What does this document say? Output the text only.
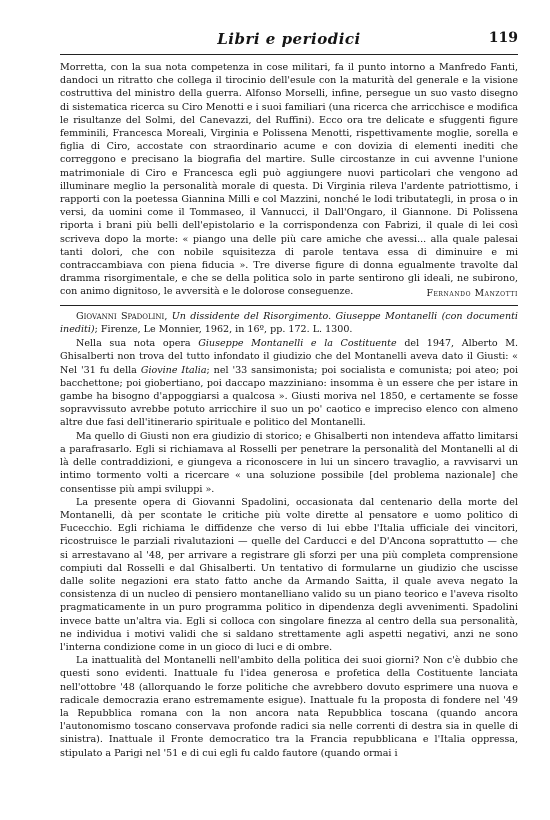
Libri e periodici	119

Morretta, con la sua nota competenza in cose militari, fa il punto intorno a Manfredo Fanti, dandoci un ritratto che collega il tirocinio dell'esule con la maturità del generale e la visione costruttiva del ministro della guerra. Alfonso Morselli, infine, persegue un suo vasto disegno di sistematica ricerca su Ciro Menotti e i suoi familiari (una ricerca che arricchisce e modifica le risultanze del Solmi, del Canevazzi, del Ruffini). Ecco ora tre delicate e sfuggenti figure femminili, Francesca Moreali, Virginia e Polissena Menotti, rispettivamente moglie, sorella e figlia di Ciro, accostate con straordinario acume e con dovizia di elementi inediti che correggono e precisano la biografia del martire. Sulle circostanze in cui avvenne l'unione matrimoniale di Ciro e Francesca egli può aggiungere nuovi particolari che vengono ad illuminare meglio la personalità morale di questa. Di Virginia rileva l'ardente patriottismo, i rapporti con la poetessa Giannina Milli e col Mazzini, nonché le lodi tributategli, in prosa o in versi, da uomini come il Tommaseo, il Vannucci, il Dall'Ongaro, il Giannone. Di Polissena riporta i brani più belli dell'epistolario e la corrispondenza con Fabrizi, il quale di lei così scriveva dopo la morte: « piango una delle più care amiche che avessi... alla quale palesai tanti dolori, che con nobile squisitezza di parole tentava essa di diminuire e mi contraccambiava con piena fiducia ». Tre diverse figure di donna egualmente travolte dal dramma risorgimentale, e che se della politica solo in parte sentirono gli ideali, ne subirono, con animo dignitoso, le avversità e le dolorose conseguenze.	Fernando Manzotti

Giovanni Spadolini, Un dissidente del Risorgimento. Giuseppe Montanelli (con documenti inediti); Firenze, Le Monnier, 1962, in 16º, pp. 172. L. 1300.

Nella sua nota opera Giuseppe Montanelli e la Costituente del 1947, Alberto M. Ghisalberti non trova del tutto infondato il giudizio che del Montanelli aveva dato il Giusti: « Nel '31 fu della Giovine Italia; nel '33 sansimonista; poi socialista e comunista; poi ateo; poi bacchettone; poi giobertiano, poi daccapo mazziniano: insomma è un essere che per istare in gambe ha bisogno d'appoggiarsi a qualcosa ». Giusti moriva nel 1850, e certamente se fosse sopravvissuto avrebbe potuto arricchire il suo un po' caotico e impreciso elenco con almeno altre due fasi dell'itinerario spirituale e politico del Montanelli.

Ma quello di Giusti non era giudizio di storico; e Ghisalberti non intendeva affatto limitarsi a parafrasarlo. Egli si richiamava al Rosselli per penetrare la personalità del Montanelli al di là delle contraddizioni, e giungeva a riconoscere in lui un sincero travaglio, a ravvisarvi un intimo tormento volti a ricercare « una soluzione possibile [del problema nazionale] che consentisse più ampi sviluppi ».

La presente opera di Giovanni Spadolini, occasionata dal centenario della morte del Montanelli, dà per scontate le critiche più volte dirette al pensatore e uomo politico di Fucecchio. Egli richiama le diffidenze che verso di lui ebbe l'Italia ufficiale dei vincitori, ricostruisce le parziali rivalutazioni — quelle del Carducci e del D'Ancona soprattutto — che si arrestavano al '48, per arrivare a registrare gli sforzi per una più completa comprensione compiuti dal Rosselli e dal Ghisalberti. Un tentativo di formularne un giudizio che uscisse dalle solite negazioni era stato fatto anche da Armando Saitta, il quale aveva negato la consistenza di un nucleo di pensiero montanelliano valido su un piano teorico e l'aveva risolto pragmaticamente in un puro programma politico in dipendenza degli avvenimenti. Spadolini invece batte un'altra via. Egli si colloca con singolare finezza al centro della sua personalità, ne individua i motivi validi che si saldano strettamente agli aspetti negativi, anzi ne sono l'interna condizione come in un gioco di luci e di ombre.

La inattualità del Montanelli nell'ambito della politica dei suoi giorni? Non c'è dubbio che questi sono evidenti. Inattuale fu l'idea generosa e profetica della Costituente lanciata nell'ottobre '48 (allorquando le forze politiche che avrebbero dovuto esprimere una nuova e radicale democrazia erano estremamente esigue). Inattuale fu la proposta di fondere nel '49 la Repubblica romana con la non ancora nata Repubblica toscana (quando ancora l'autonomismo toscano conservava profonde radici sia nelle correnti di destra sia in quelle di sinistra). Inattuale il Fronte democratico tra la Francia repubblicana e l'Italia oppressa, stipulato a Parigi nel '51 e di cui egli fu caldo fautore (quando ormai i
